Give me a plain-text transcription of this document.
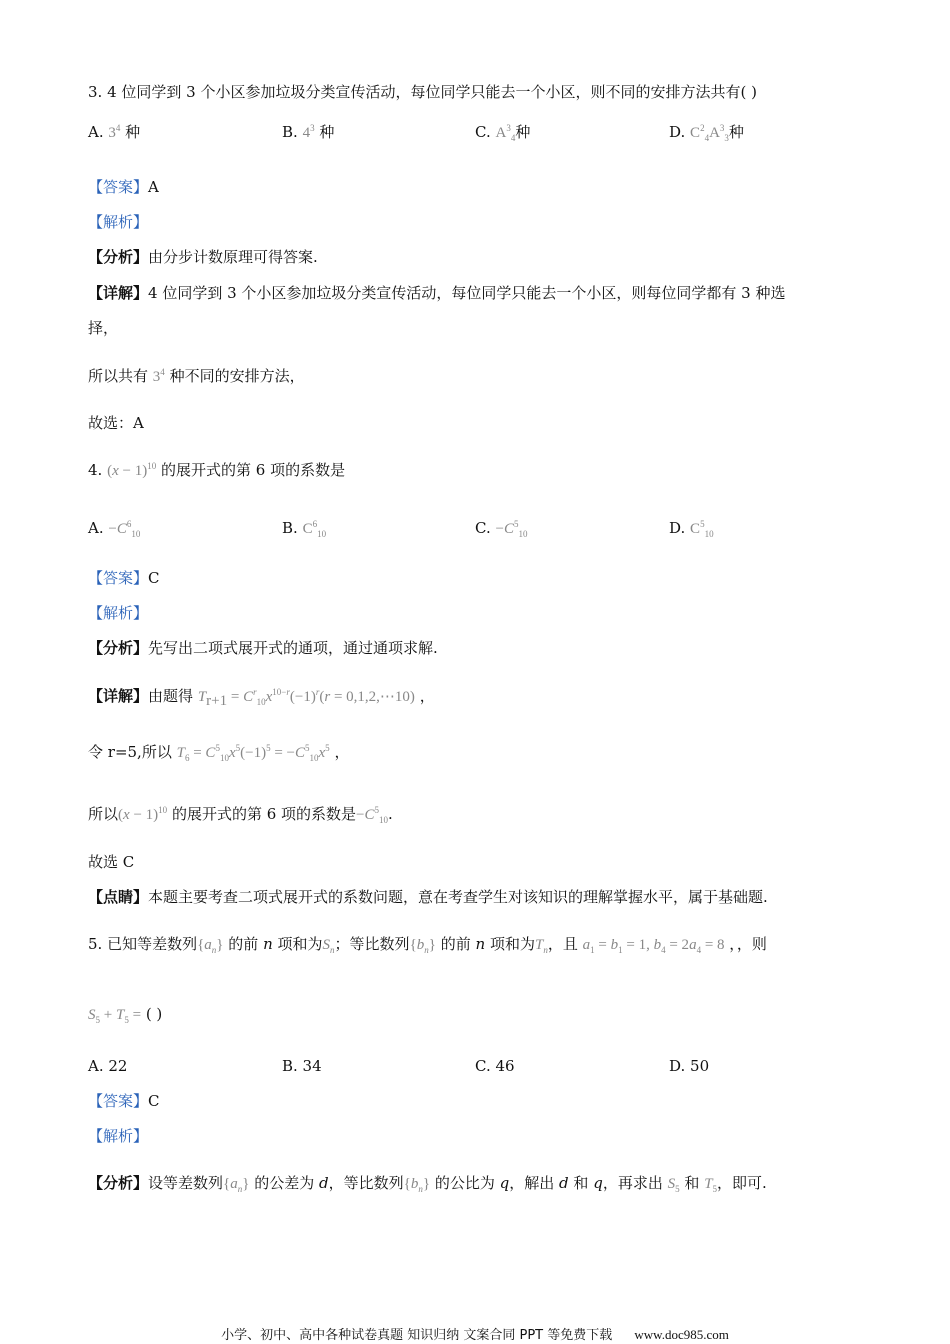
3. 4 位同学到 3 个小区参加垃圾分类宣传活动，每位同学只能去一个小区，则不同的安排方法共有( )
A. $3^4$ 种	B. $4^3$ 种	C. $A^3_4$种	D. $C^2_4A^3_3$种
【答案】A
【解析】
【分析】由分步计数原理可得答案.
【详解】4 位同学到 3 个小区参加垃圾分类宣传活动，每位同学只能去一个小区，则每位同学都有 3 种选
择，
所以共有 $3^4$ 种不同的安排方法，
故选：A
4. $(x - 1)^{10}$ 的展开式的第 6 项的系数是
A. $-C^6_{10}$	B. $C^6_{10}$	C. $-C^5_{10}$	D. $C^5_{10}$
【答案】C
【解析】
【分析】先写出二项式展开式的通项，通过通项求解.
【详解】由题得 $T_{r+1} = C^r_{10}x^{10-r}(-1)^r(r$ = 0,1,2,⋯10) ，
令 r=5,所以 $T_6 = C^5_{10}x^5(-1)^5 = -C^5_{10}x^5$ ，
所以$(x - 1)^{10}$ 的展开式的第 6 项的系数是$-C^5_{10}$.
故选 C
【点睛】本题主要考查二项式展开式的系数问题，意在考查学生对该知识的理解掌握水平，属于基础题.
5. 已知等差数列$\{a_n\}$ 的前 n 项和为$S_n$；等比数列$\{b_n\}$ 的前 n 项和为$T_n$，且 $a_1 = b_1 = 1$, $b_4 = 2a_4 = 8$ ，，则
$S_5 + T_5$ = ( )
A. 22	B. 34	C. 46	D. 50
【答案】C
【解析】
【分析】设等差数列$\{a_n\}$ 的公差为 d，等比数列$\{b_n\}$ 的公比为 q，解出 d 和 q，再求出 $S_5$ 和 $T_5$，即可.
小学、初中、高中各种试卷真题 知识归纳 文案合同 PPT 等免费下载 www.doc985.com
